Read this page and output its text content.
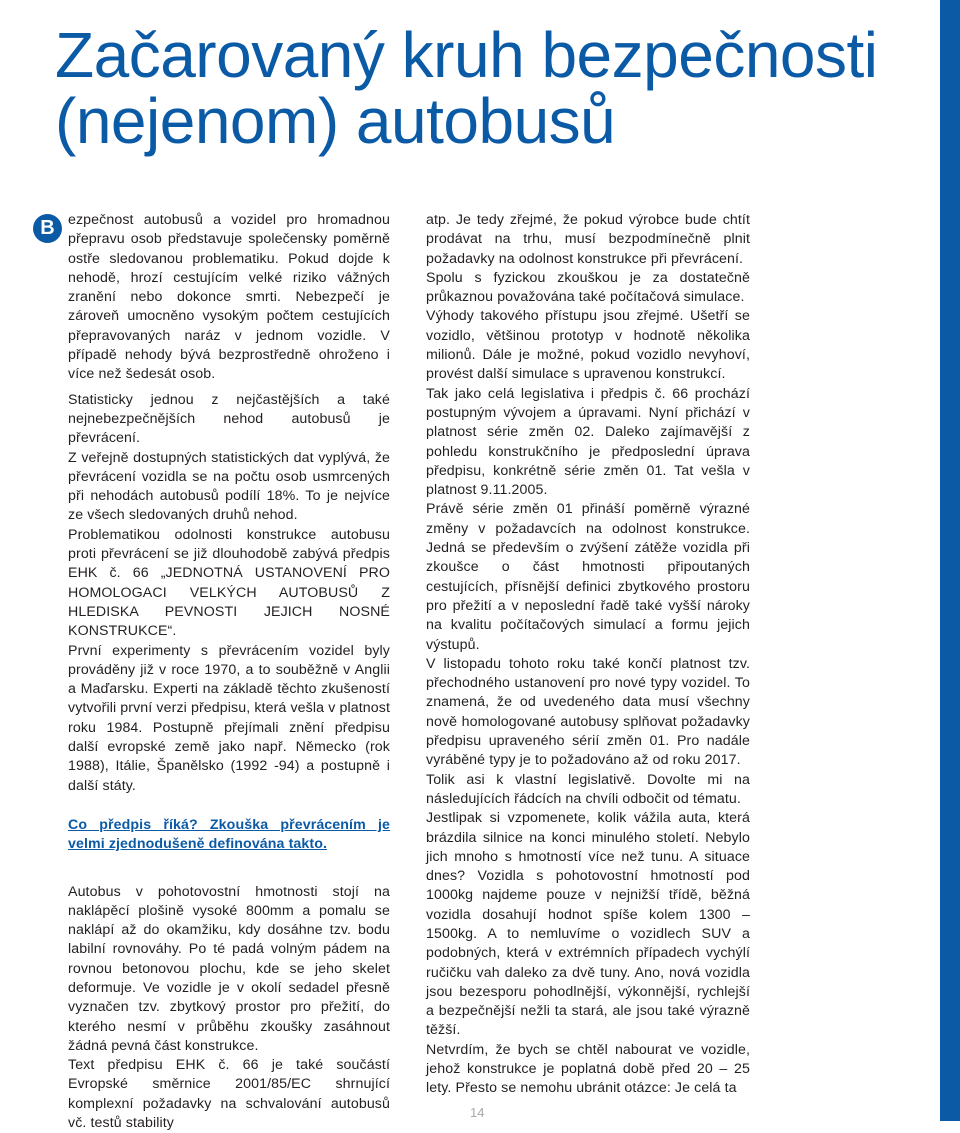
Začarovaný kruh bezpečnosti
(nejenom) autobusů
B ezpečnost autobusů a vozidel pro hromadnou přepravu osob představuje společensky poměrně ostře sledovanou problematiku. Pokud dojde k nehodě, hrozí cestujícím velké riziko vážných zranění nebo dokonce smrti. Nebezpečí je zároveň umocněno vysokým počtem cestujících přepravovaných naráz v jednom vozidle. V případě nehody bývá bezprostředně ohroženo i více než šedesát osob.

Statisticky jednou z nejčastějších a také nejnebezpečnějších nehod autobusů je převrácení.

Z veřejně dostupných statistických dat vyplývá, že převrácení vozidla se na počtu osob usmrcených při nehodách autobusů podílí 18%. To je nejvíce ze všech sledovaných druhů nehod.

Problematikou odolnosti konstrukce autobusu proti převrácení se již dlouhodobě zabývá předpis EHK č. 66 „JEDNOTNÁ USTANOVENÍ PRO HOMOLOGACI VELKÝCH AUTOBUSŮ Z HLEDISKA PEVNOSTI JEJICH NOSNÉ KONSTRUKCE“.

První experimenty s převrácením vozidel byly prováděny již v roce 1970, a to souběžně v Anglii a Maďarsku. Experti na základě těchto zkušeností vytvořili první verzi předpisu, která vešla v platnost roku 1984. Postupně přejímali znění předpisu další evropské země jako např. Německo (rok 1988), Itálie, Španělsko (1992 -94) a postupně i další státy.

Co předpis říká? Zkouška převrácením je velmi zjednodušeně definována takto.

Autobus v pohotovostní hmotnosti stojí na naklápěcí plošině vysoké 800mm a pomalu se naklápí až do okamžiku, kdy dosáhne tzv. bodu labilní rovnováhy. Po té padá volným pádem na rovnou betonovou plochu, kde se jeho skelet deformuje. Ve vozidle je v okolí sedadel přesně vyznačen tzv. zbytkový prostor pro přežití, do kterého nesmí v průběhu zkoušky zasáhnout žádná pevná část konstrukce.

Text předpisu EHK č. 66 je také součástí Evropské směrnice 2001/85/EC shrnující komplexní požadavky na schvalování autobusů vč. testů stability

atp. Je tedy zřejmé, že pokud výrobce bude chtít prodávat na trhu, musí bezpodmínečně plnit požadavky na odolnost konstrukce při převrácení.

Spolu s fyzickou zkouškou je za dostatečně průkaznou považována také počítačová simulace.

Výhody takového přístupu jsou zřejmé. Ušetří se vozidlo, většinou prototyp v hodnotě několika milionů. Dále je možné, pokud vozidlo nevyhoví, provést další simulace s upravenou konstrukcí.

Tak jako celá legislativa i předpis č. 66 prochází postupným vývojem a úpravami. Nyní přichází v platnost série změn 02. Daleko zajímavější z pohledu konstrukčního je předposlední úprava předpisu, konkrétně série změn 01. Tat vešla v platnost 9.11.2005.

Právě série změn 01 přináší poměrně výrazné změny v požadavcích na odolnost konstrukce. Jedná se především o zvýšení zátěže vozidla při zkoušce o část hmotnosti připoutaných cestujících, přísnější definici zbytkového prostoru pro přežití a v neposlední řadě také vyšší nároky na kvalitu počítačových simulací a formu jejich výstupů.

V listopadu tohoto roku také končí platnost tzv. přechodného ustanovení pro nové typy vozidel. To znamená, že od uvedeného data musí všechny nově homologované autobusy splňovat požadavky předpisu upraveného sérií změn 01. Pro nadále vyráběné typy je to požadováno až od roku 2017.

Tolik asi k vlastní legislativě. Dovolte mi na následujících řádcích na chvíli odbočit od tématu.

Jestlipak si vzpomenete, kolik vážila auta, která brázdila silnice na konci minulého století. Nebylo jich mnoho s hmotností více než tunu. A situace dnes? Vozidla s pohotovostní hmotností pod 1000kg najdeme pouze v nejnižší třídě, běžná vozidla dosahují hodnot spíše kolem 1300 – 1500kg. A to nemluvíme o vozidlech SUV a podobných, která v extrémních případech vychýlí ručičku vah daleko za dvě tuny. Ano, nová vozidla jsou bezesporu pohodlnější, výkonnější, rychlejší a bezpečnější nežli ta stará, ale jsou také výrazně těžší.

Netvrdím, že bych se chtěl nabourat ve vozidle, jehož konstrukce je poplatná době před 20 – 25 lety. Přesto se nemohu ubránit otázce: Je celá ta

14
